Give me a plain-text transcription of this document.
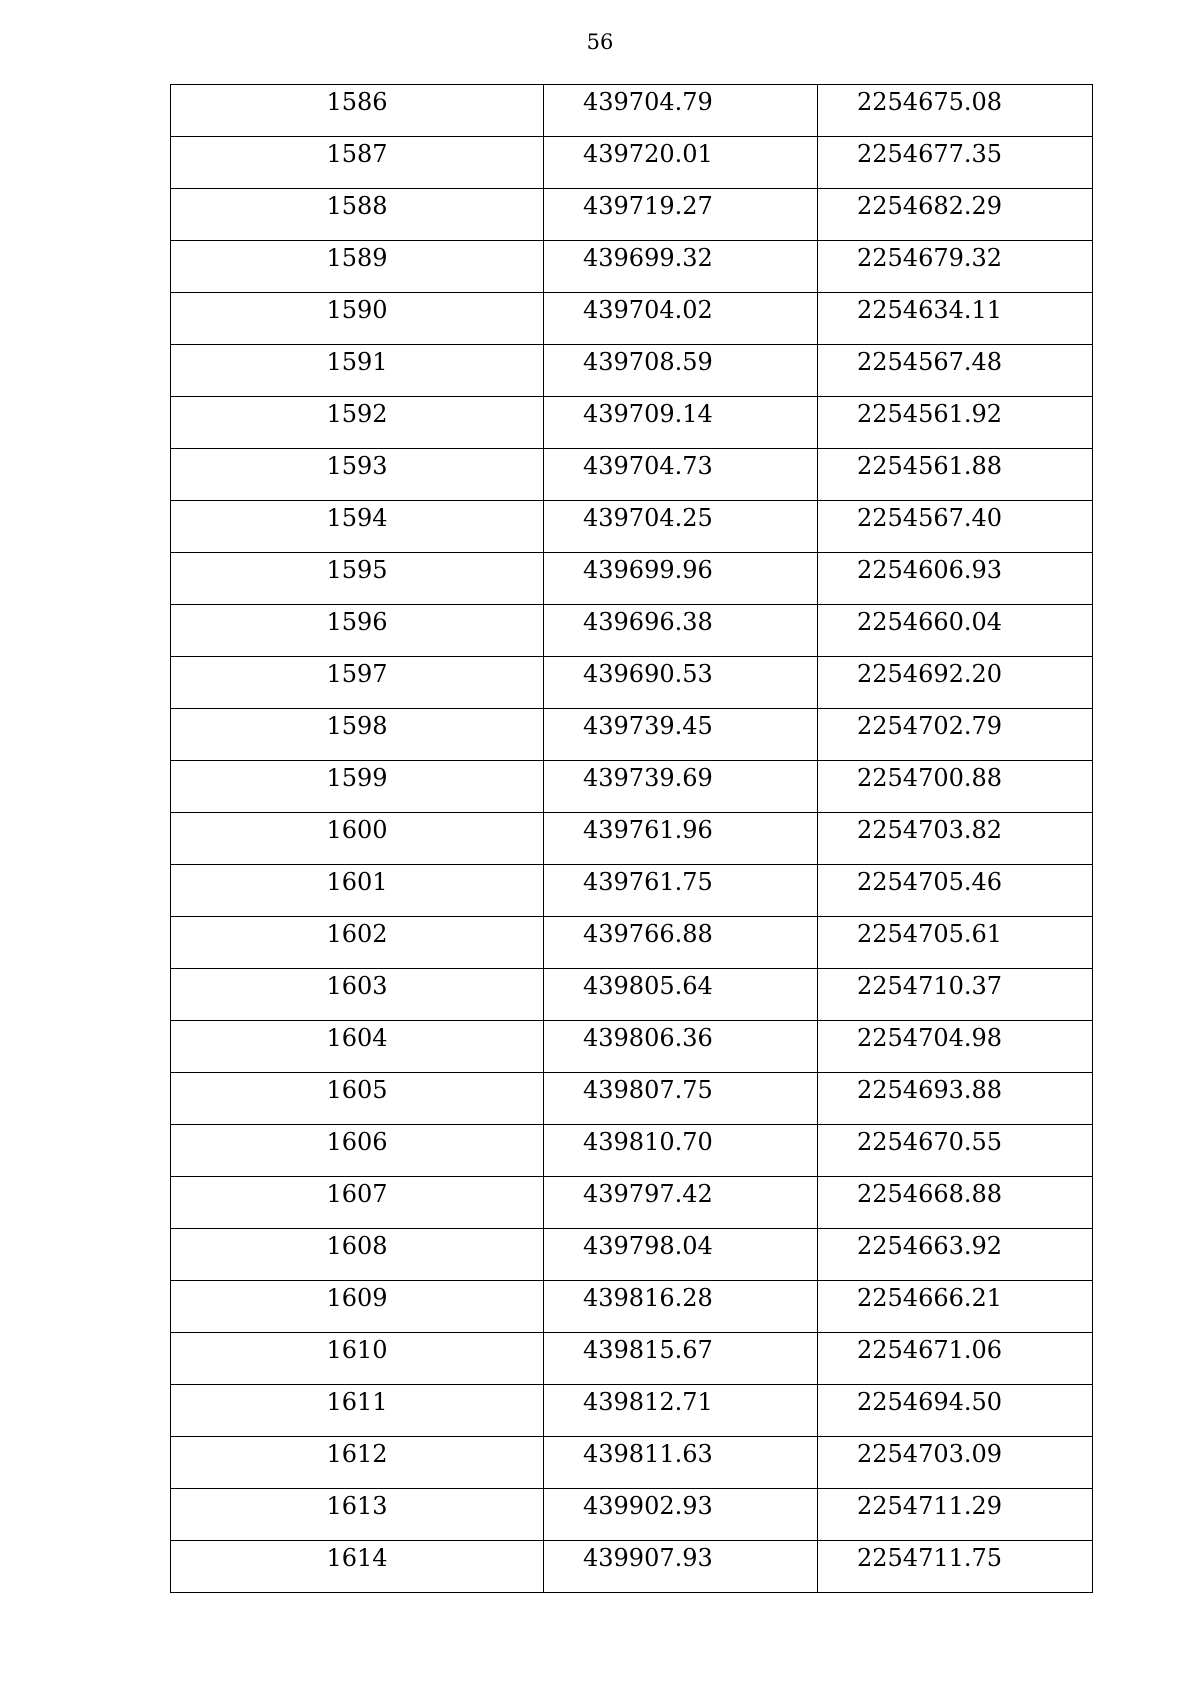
56
1586	439704.79	2254675.08
1587	439720.01	2254677.35
1588	439719.27	2254682.29
1589	439699.32	2254679.32
1590	439704.02	2254634.11
1591	439708.59	2254567.48
1592	439709.14	2254561.92
1593	439704.73	2254561.88
1594	439704.25	2254567.40
1595	439699.96	2254606.93
1596	439696.38	2254660.04
1597	439690.53	2254692.20
1598	439739.45	2254702.79
1599	439739.69	2254700.88
1600	439761.96	2254703.82
1601	439761.75	2254705.46
1602	439766.88	2254705.61
1603	439805.64	2254710.37
1604	439806.36	2254704.98
1605	439807.75	2254693.88
1606	439810.70	2254670.55
1607	439797.42	2254668.88
1608	439798.04	2254663.92
1609	439816.28	2254666.21
1610	439815.67	2254671.06
1611	439812.71	2254694.50
1612	439811.63	2254703.09
1613	439902.93	2254711.29
1614	439907.93	2254711.75
